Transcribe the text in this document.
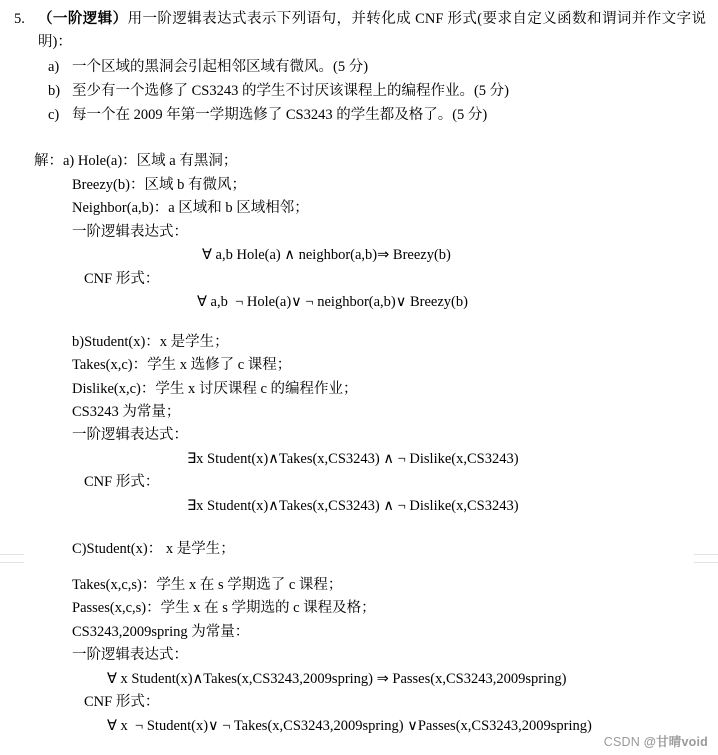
5. （一阶逻辑）用一阶逻辑表达式表示下列语句，并转化成 CNF 形式(要求自定义函数和谓词并作文字说明)：
a) 一个区域的黑洞会引起相邻区域有微风。(5 分)
b) 至少有一个选修了 CS3243 的学生不讨厌该课程上的编程作业。(5 分)
c) 每一个在 2009 年第一学期选修了 CS3243 的学生都及格了。(5 分)
解：a) Hole(a)：区域 a 有黑洞；
Breezy(b)：区域 b 有微风；
Neighbor(a,b)：a 区域和 b 区域相邻；
一阶逻辑表达式：
∀ a,b Hole(a) ∧ neighbor(a,b)⇒ Breezy(b)
CNF 形式：
∀ a,b  ¬ Hole(a)∨ ¬ neighbor(a,b)∨ Breezy(b)
b)Student(x)：x 是学生；
Takes(x,c)：学生 x 选修了 c 课程；
Dislike(x,c)：学生 x 讨厌课程 c 的编程作业；
CS3243 为常量；
一阶逻辑表达式：
∃x Student(x)∧Takes(x,CS3243) ∧ ¬ Dislike(x,CS3243)
CNF 形式：
∃x Student(x)∧Takes(x,CS3243) ∧ ¬ Dislike(x,CS3243)
C)Student(x)： x 是学生；
Takes(x,c,s)：学生 x 在 s 学期选了 c 课程；
Passes(x,c,s)：学生 x 在 s 学期选的 c 课程及格；
CS3243,2009spring 为常量：
一阶逻辑表达式：
∀ x Student(x)∧Takes(x,CS3243,2009spring) ⇒ Passes(x,CS3243,2009spring)
CNF 形式：
∀ x  ¬ Student(x)∨ ¬ Takes(x,CS3243,2009spring) ∨Passes(x,CS3243,2009spring)
CSDN @甘晴void
